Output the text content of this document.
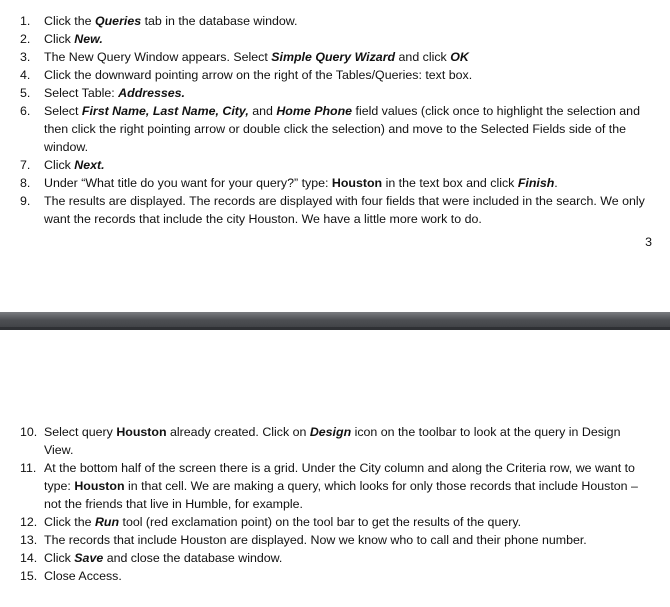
1. Click the Queries tab in the database window.
2. Click New.
3. The New Query Window appears. Select Simple Query Wizard and click OK
4. Click the downward pointing arrow on the right of the Tables/Queries: text box.
5. Select Table: Addresses.
6. Select First Name, Last Name, City, and Home Phone field values (click once to highlight the selection and then click the right pointing arrow or double click the selection) and move to the Selected Fields side of the window.
7. Click Next.
8. Under “What title do you want for your query?” type: Houston in the text box and click Finish.
9. The results are displayed. The records are displayed with four fields that were included in the search. We only want the records that include the city Houston. We have a little more work to do.
3
10. Select query Houston already created. Click on Design icon on the toolbar to look at the query in Design View.
11. At the bottom half of the screen there is a grid. Under the City column and along the Criteria row, we want to type: Houston in that cell. We are making a query, which looks for only those records that include Houston – not the friends that live in Humble, for example.
12. Click the Run tool (red exclamation point) on the tool bar to get the results of the query.
13. The records that include Houston are displayed. Now we know who to call and their phone number.
14. Click Save and close the database window.
15. Close Access.
